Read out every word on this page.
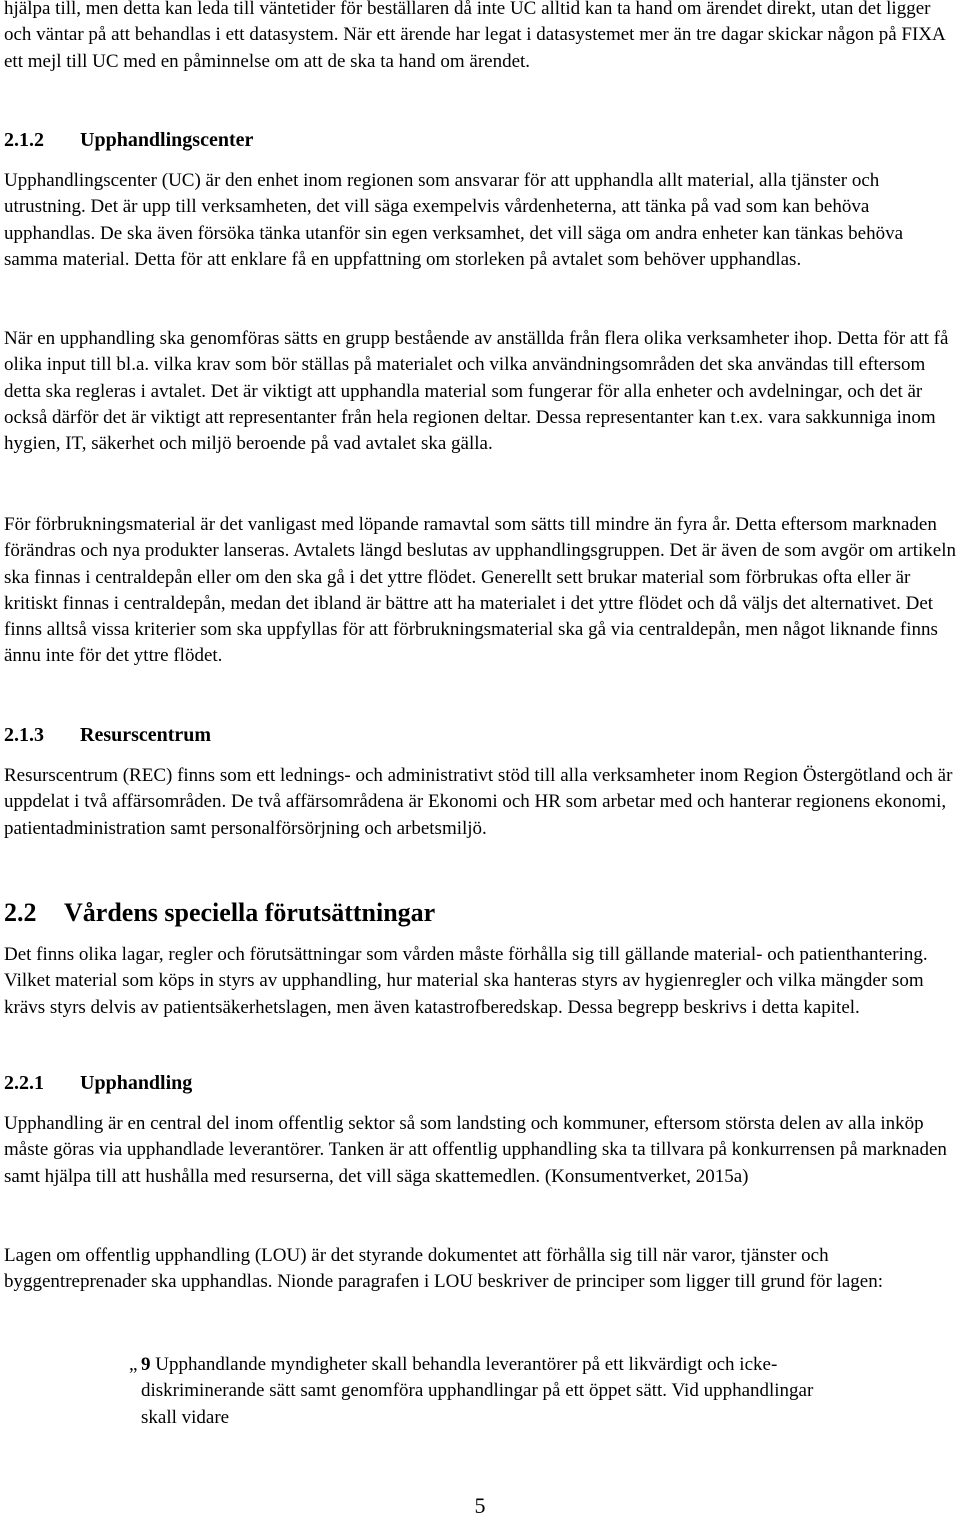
hjälpa till, men detta kan leda till väntetider för beställaren då inte UC alltid kan ta hand om ärendet direkt, utan det ligger och väntar på att behandlas i ett datasystem. När ett ärende har legat i datasystemet mer än tre dagar skickar någon på FIXA ett mejl till UC med en påminnelse om att de ska ta hand om ärendet.

2.1.2 Upphandlingscenter

Upphandlingscenter (UC) är den enhet inom regionen som ansvarar för att upphandla allt material, alla tjänster och utrustning. Det är upp till verksamheten, det vill säga exempelvis vårdenheterna, att tänka på vad som kan behöva upphandlas. De ska även försöka tänka utanför sin egen verksamhet, det vill säga om andra enheter kan tänkas behöva samma material. Detta för att enklare få en uppfattning om storleken på avtalet som behöver upphandlas.

När en upphandling ska genomföras sätts en grupp bestående av anställda från flera olika verksamheter ihop. Detta för att få olika input till bl.a. vilka krav som bör ställas på materialet och vilka användningsområden det ska användas till eftersom detta ska regleras i avtalet. Det är viktigt att upphandla material som fungerar för alla enheter och avdelningar, och det är också därför det är viktigt att representanter från hela regionen deltar. Dessa representanter kan t.ex. vara sakkunniga inom hygien, IT, säkerhet och miljö beroende på vad avtalet ska gälla.

För förbrukningsmaterial är det vanligast med löpande ramavtal som sätts till mindre än fyra år. Detta eftersom marknaden förändras och nya produkter lanseras. Avtalets längd beslutas av upphandlingsgruppen. Det är även de som avgör om artikeln ska finnas i centraldepån eller om den ska gå i det yttre flödet. Generellt sett brukar material som förbrukas ofta eller är kritiskt finnas i centraldepån, medan det ibland är bättre att ha materialet i det yttre flödet och då väljs det alternativet. Det finns alltså vissa kriterier som ska uppfyllas för att förbrukningsmaterial ska gå via centraldepån, men något liknande finns ännu inte för det yttre flödet.

2.1.3 Resurscentrum

Resurscentrum (REC) finns som ett lednings- och administrativt stöd till alla verksamheter inom Region Östergötland och är uppdelat i två affärsområden. De två affärsområdena är Ekonomi och HR som arbetar med och hanterar regionens ekonomi, patientadministration samt personalförsörjning och arbetsmiljö.

2.2 Vårdens speciella förutsättningar

Det finns olika lagar, regler och förutsättningar som vården måste förhålla sig till gällande material- och patienthantering. Vilket material som köps in styrs av upphandling, hur material ska hanteras styrs av hygienregler och vilka mängder som krävs styrs delvis av patientsäkerhetslagen, men även katastrofberedskap. Dessa begrepp beskrivs i detta kapitel.

2.2.1 Upphandling

Upphandling är en central del inom offentlig sektor så som landsting och kommuner, eftersom största delen av alla inköp måste göras via upphandlade leverantörer. Tanken är att offentlig upphandling ska ta tillvara på konkurrensen på marknaden samt hjälpa till att hushålla med resurserna, det vill säga skattemedlen. (Konsumentverket, 2015a)

Lagen om offentlig upphandling (LOU) är det styrande dokumentet att förhålla sig till när varor, tjänster och byggentreprenader ska upphandlas. Nionde paragrafen i LOU beskriver de principer som ligger till grund för lagen:

„ 9 Upphandlande myndigheter skall behandla leverantörer på ett likvärdigt och icke-diskriminerande sätt samt genomföra upphandlingar på ett öppet sätt. Vid upphandlingar skall vidare
5
